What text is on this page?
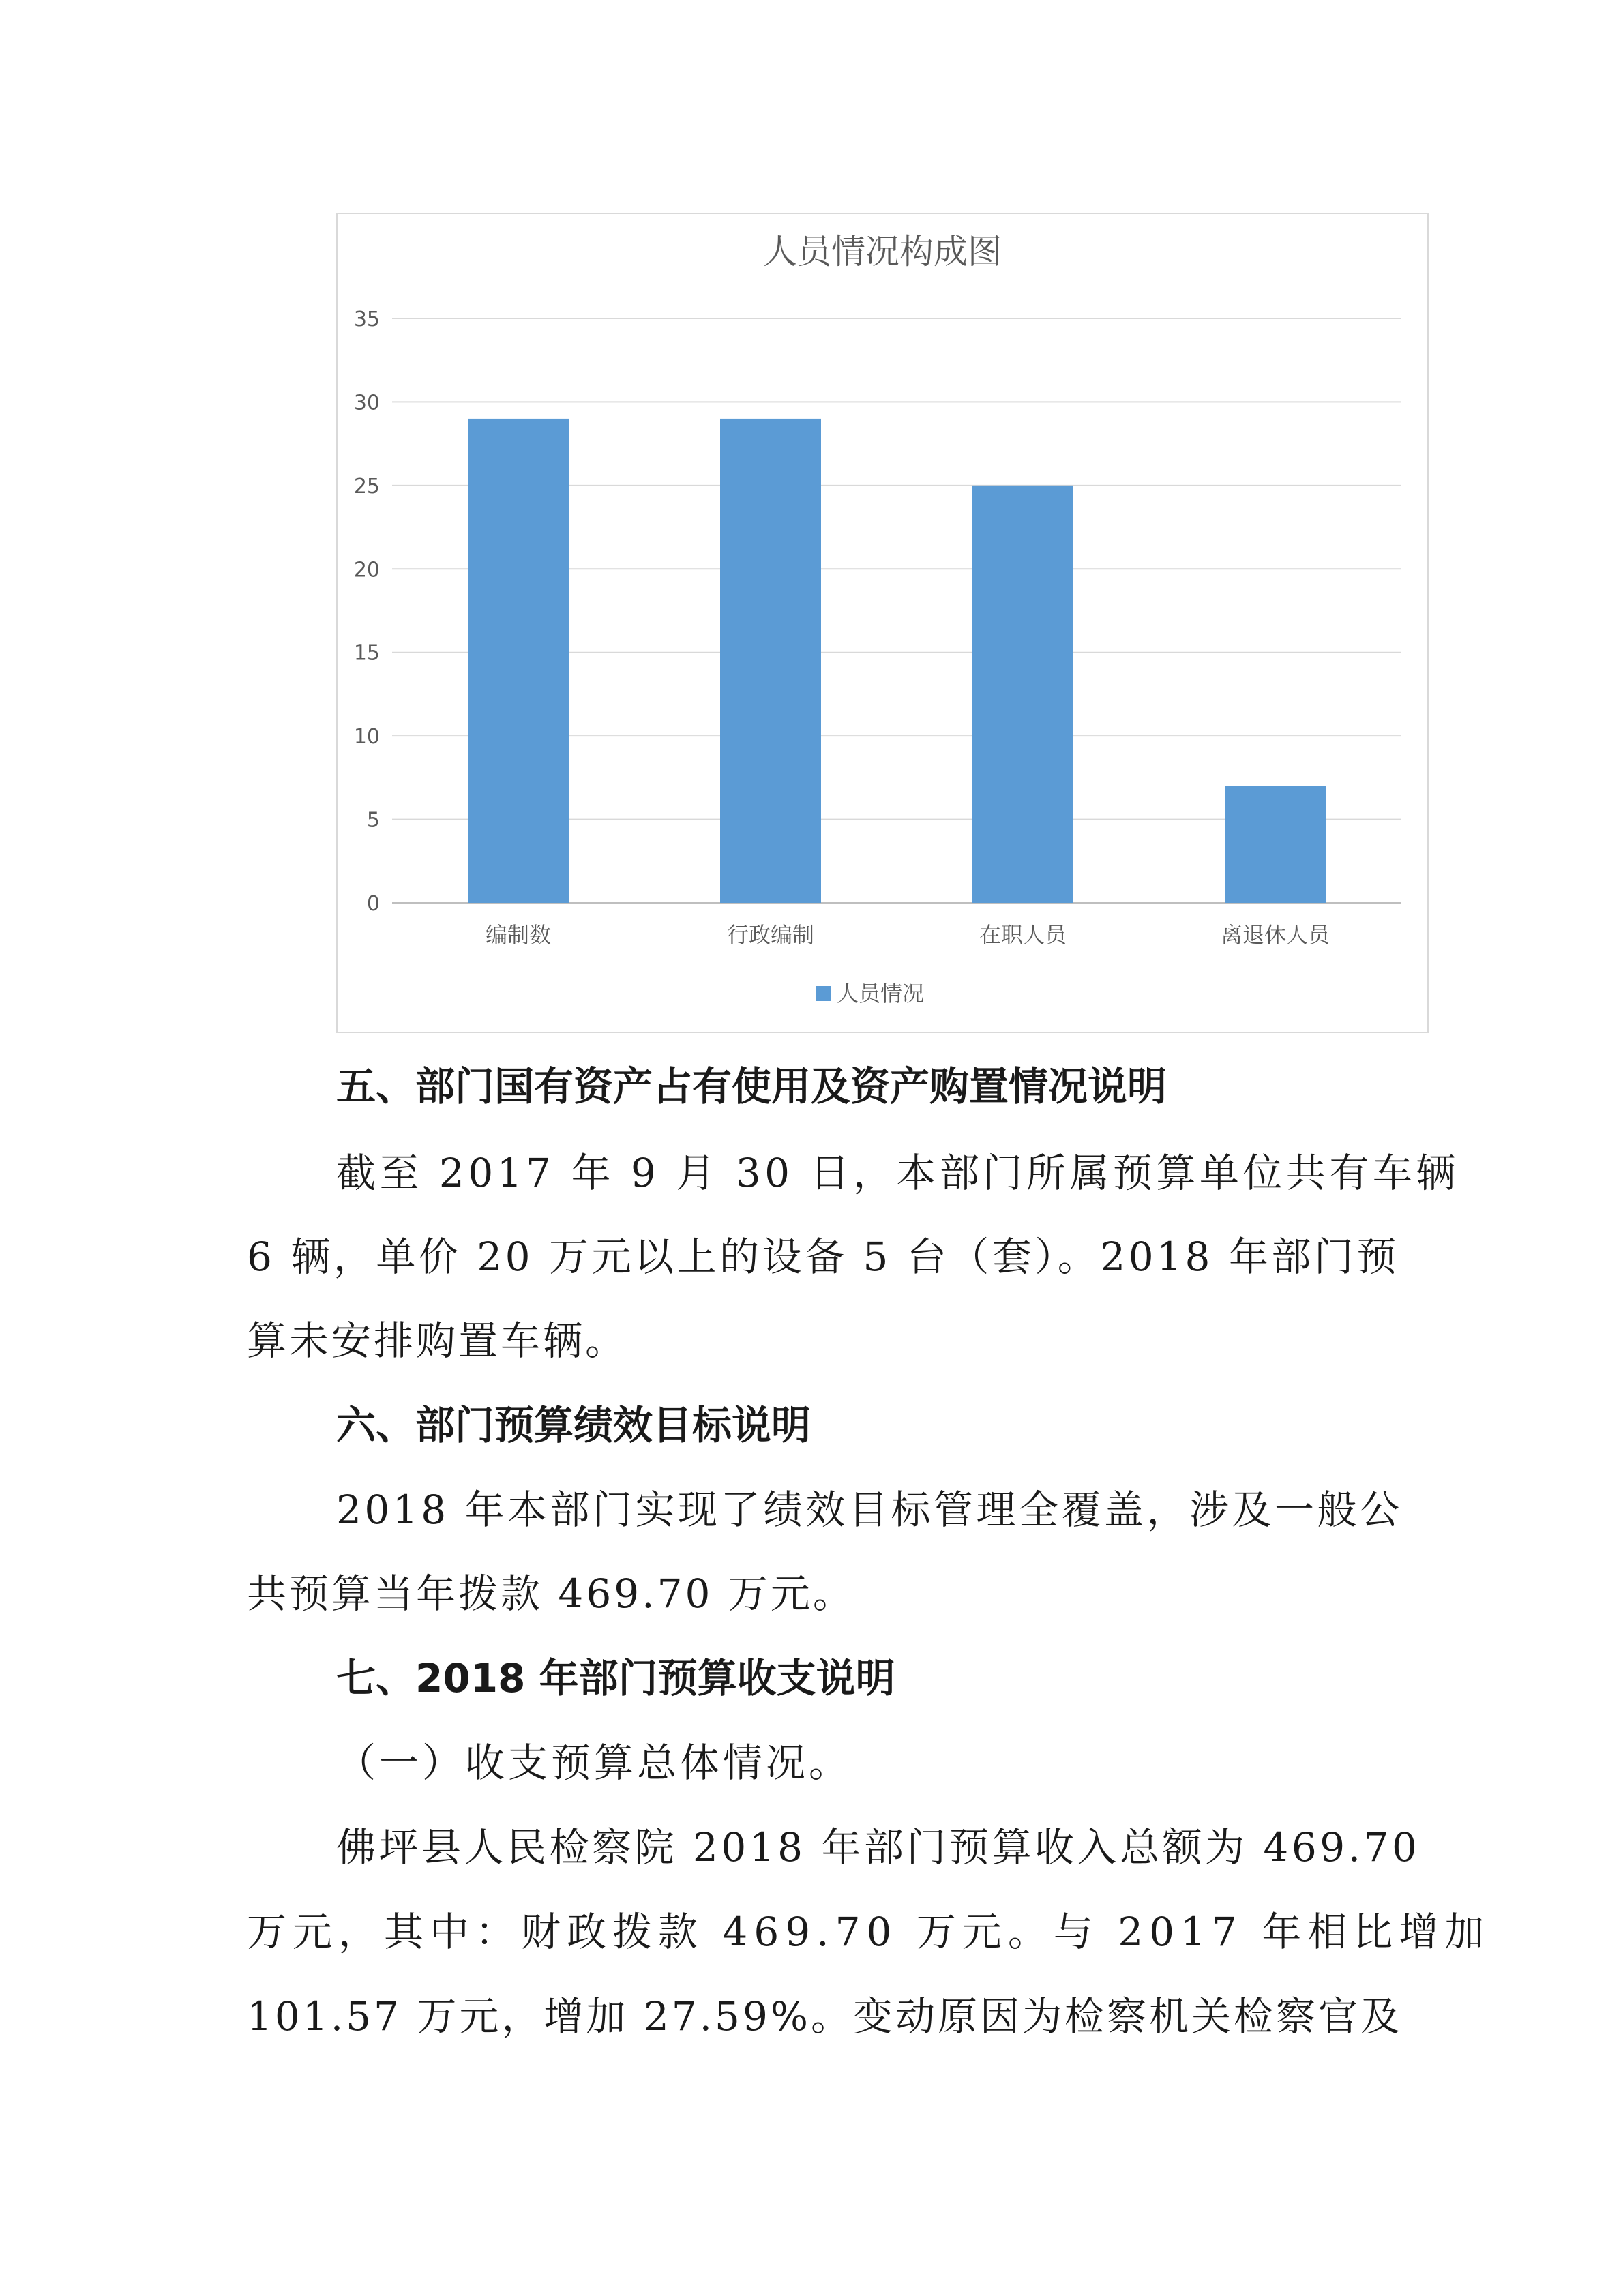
人员情况构成图
0
5
10
15
20
25
30
35
编制数	行政编制	在职人员	离退休人员
人员情况
五、部门国有资产占有使用及资产购置情况说明

截至 2017 年 9 月 30 日，本部门所属预算单位共有车辆

6 辆，单价 20 万元以上的设备 5 台（套）。2018 年部门预

算未安排购置车辆。

六、部门预算绩效目标说明

2018 年本部门实现了绩效目标管理全覆盖，涉及一般公

共预算当年拨款 469.70 万元。

七、2018 年部门预算收支说明

（一）收支预算总体情况。

佛坪县人民检察院 2018 年部门预算收入总额为 469.70

万元，其中：财政拨款 469.70 万元。与 2017 年相比增加

101.57 万元，增加 27.59%。变动原因为检察机关检察官及
